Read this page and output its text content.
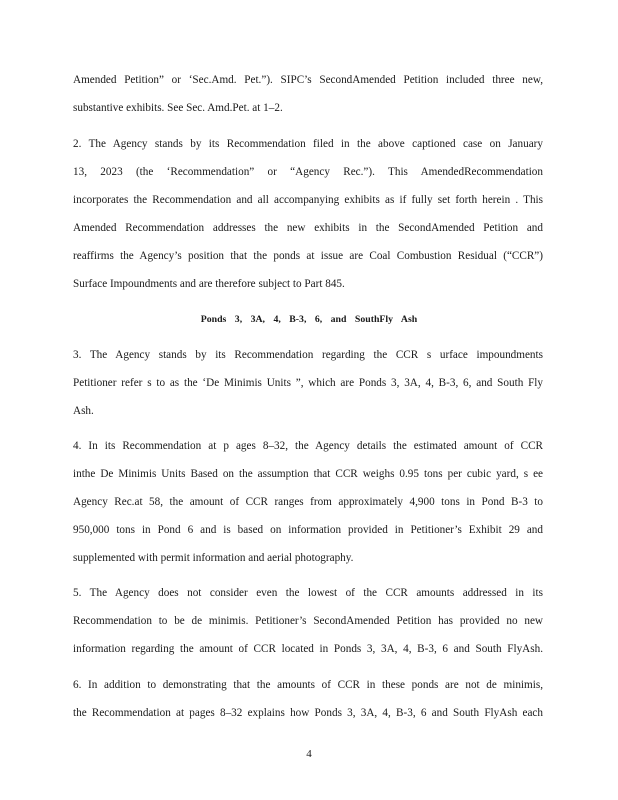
Amended Petition” or ‘Sec.Amd. Pet.”). SIPC’s SecondAmended Petition included three new,
substantive exhibits. See Sec. Amd.Pet. at 1–2.
2. The Agency stands by its Recommendation filed in the above captioned case on January
13, 2023 (the ‘Recommendation” or “Agency Rec.”). This AmendedRecommendation
incorporates the Recommendation and all accompanying exhibits as if fully set forth herein . This
Amended Recommendation addresses the new exhibits in the SecondAmended Petition and
reaffirms the Agency’s position that the ponds at issue are Coal Combustion Residual (“CCR”)
Surface Impoundments and are therefore subject to Part 845.
Ponds 3, 3A, 4, B-3, 6, and SouthFly Ash
3. The Agency stands by its Recommendation regarding the CCR s urface impoundments
Petitioner refer s to as the ‘De Minimis Units ”, which are Ponds 3, 3A, 4, B-3, 6, and South Fly
Ash.
4. In its Recommendation at p ages 8–32, the Agency details the estimated amount of CCR
inthe De Minimis Units Based on the assumption that CCR weighs 0.95 tons per cubic yard, s ee
Agency Rec.at 58, the amount of CCR ranges from approximately 4,900 tons in Pond B-3 to
950,000 tons in Pond 6 and is based on information provided in Petitioner’s Exhibit 29 and
supplemented with permit information and aerial photography.
5. The Agency does not consider even the lowest of the CCR amounts addressed in its
Recommendation to be de minimis. Petitioner’s SecondAmended Petition has provided no new
information regarding the amount of CCR located in Ponds 3, 3A, 4, B-3, 6 and South FlyAsh.
6. In addition to demonstrating that the amounts of CCR in these ponds are not de minimis,
the Recommendation at pages 8–32 explains how Ponds 3, 3A, 4, B-3, 6 and South FlyAsh each
4
